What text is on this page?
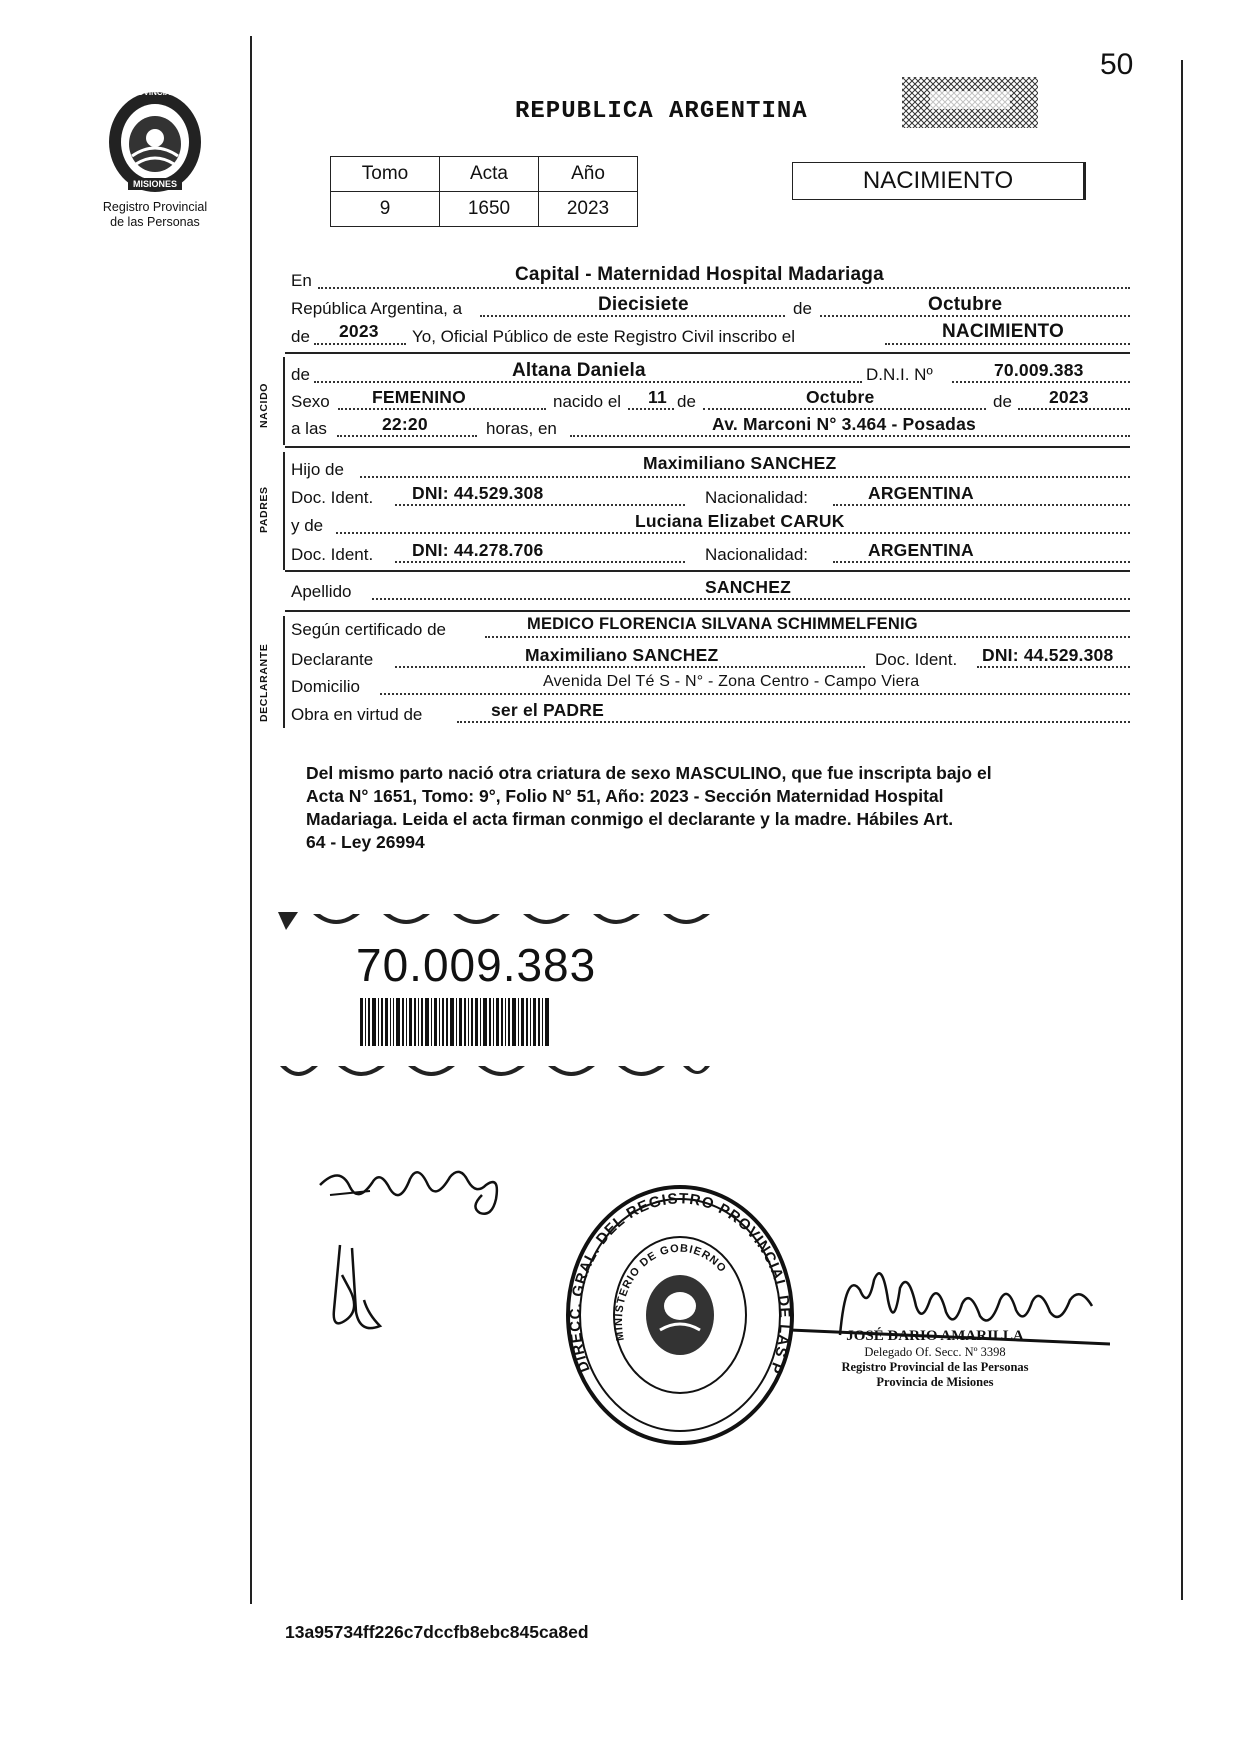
50
PROVINCIA DE
MISIONES
Registro Provincial
de las Personas
REPUBLICA ARGENTINA
Tomo	Acta	Año
9	1650	2023
NACIMIENTO
En	Capital - Maternidad Hospital Madariaga
República Argentina, a	Diecisiete	de	Octubre
de 2023 Yo, Oficial Público de este Registro Civil inscribo el	NACIMIENTO
NACIDO
de	Altana Daniela	D.N.I. Nº	70.009.383
Sexo FEMENINO	nacido el 11 de	Octubre	de 2023
a las	22:20	horas, en	Av. Marconi N° 3.464 - Posadas
PADRES
Hijo de	Maximiliano SANCHEZ
Doc. Ident. DNI: 44.529.308	Nacionalidad:	ARGENTINA
y de	Luciana Elizabet CARUK
Doc. Ident. DNI: 44.278.706	Nacionalidad:	ARGENTINA
Apellido	SANCHEZ
DECLARANTE
Según certificado de	MEDICO FLORENCIA SILVANA SCHIMMELFENIG
Declarante	Maximiliano SANCHEZ	Doc. Ident. DNI: 44.529.308
Domicilio	Avenida Del Té S - N° - Zona Centro - Campo Viera
Obra en virtud de	ser el PADRE
Del mismo parto nació otra criatura de sexo MASCULINO, que fue inscripta bajo el
Acta N° 1651, Tomo: 9°, Folio N° 51, Año: 2023 - Sección Maternidad Hospital
Madariaga. Leida el acta firman conmigo el declarante y la madre. Hábiles Art.
64 - Ley 26994
70.009.383
DIRECC. GRAL. DEL REGISTRO PROVINCIAL DE LAS P
MINISTERIO DE GOBIERNO
JOSÉ DARIO AMARILLA
Delegado Of. Secc. Nº 3398
Registro Provincial de las Personas
Provincia de Misiones
13a95734ff226c7dccfb8ebc845ca8ed
